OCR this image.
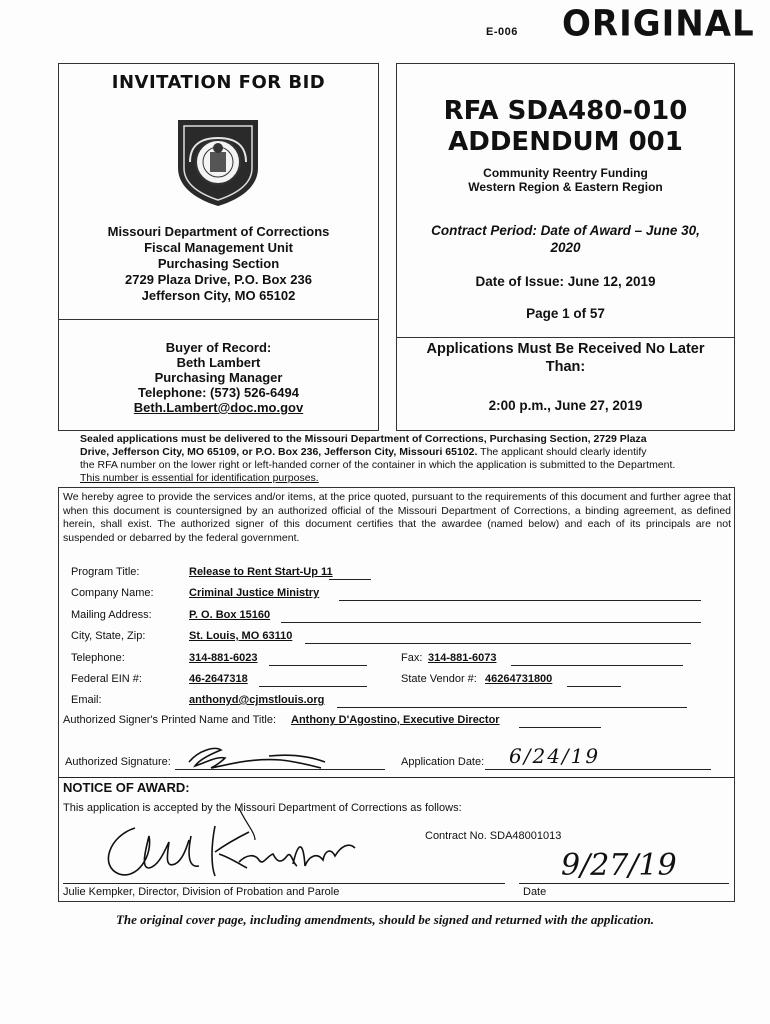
E-006 ORIGINAL
INVITATION FOR BID
Missouri Department of Corrections
Fiscal Management Unit
Purchasing Section
2729 Plaza Drive, P.O. Box 236
Jefferson City, MO 65102
Buyer of Record:
Beth Lambert
Purchasing Manager
Telephone: (573) 526-6494
Beth.Lambert@doc.mo.gov
RFA SDA480-010
ADDENDUM 001
Community Reentry Funding
Western Region & Eastern Region
Contract Period: Date of Award – June 30,
2020
Date of Issue: June 12, 2019
Page 1 of 57
Applications Must Be Received No Later
Than:
2:00 p.m., June 27, 2019
Sealed applications must be delivered to the Missouri Department of Corrections, Purchasing Section, 2729 Plaza
Drive, Jefferson City, MO 65109, or P.O. Box 236, Jefferson City, Missouri 65102. The applicant should clearly identify
the RFA number on the lower right or left-handed corner of the container in which the application is submitted to the Department.
This number is essential for identification purposes.
We hereby agree to provide the services and/or items, at the price quoted, pursuant to the requirements of this document and further agree that when this document is countersigned by an authorized official of the Missouri Department of Corrections, a binding agreement, as defined herein, shall exist. The authorized signer of this document certifies that the awardee (named below) and each of its principals are not suspended or debarred by the federal government.
Program Title:	Release to Rent Start-Up 11
Company Name:	Criminal Justice Ministry
Mailing Address:	P. O. Box 15160
City, State, Zip:	St. Louis, MO 63110
Telephone:	314-881-6023	Fax: 314-881-6073
Federal EIN #:	46-2647318	State Vendor #: 46264731800
Email:	anthonyd@cjmstlouis.org
Authorized Signer's Printed Name and Title: Anthony D'Agostino, Executive Director
Authorized Signature:	Application Date: 6/24/19
NOTICE OF AWARD:
This application is accepted by the Missouri Department of Corrections as follows:
Contract No. SDA48001013
9/27/19
Julie Kempker, Director, Division of Probation and Parole	Date
The original cover page, including amendments, should be signed and returned with the application.
